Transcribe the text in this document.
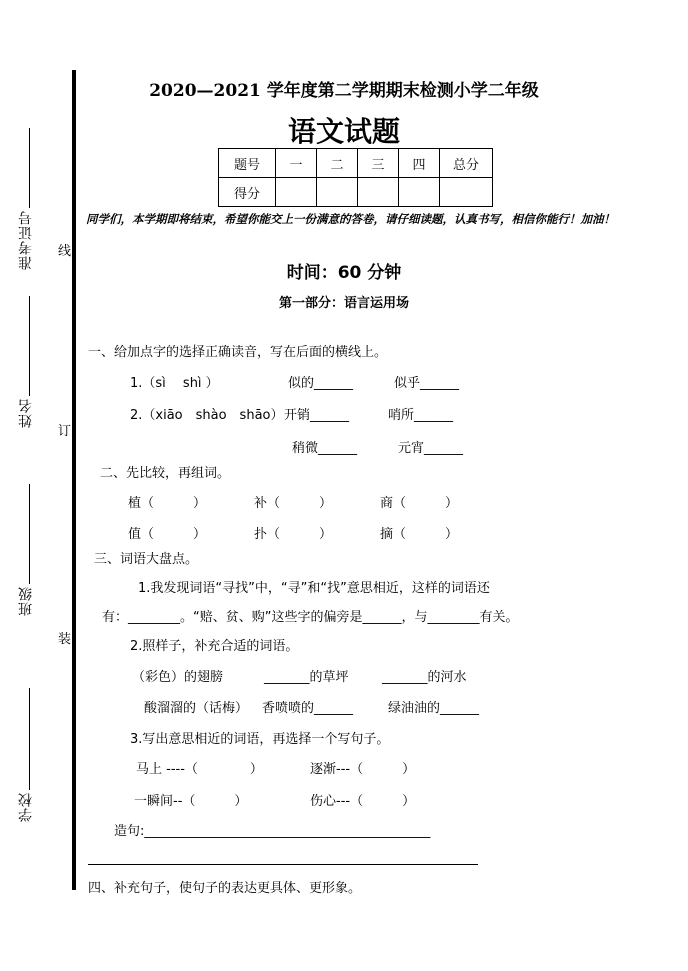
准考证号
姓名
班级
学校
线
订
装
2020—2021 学年度第二学期期末检测小学二年级
语文试题
题号	一	二	三	四	总分
得分					
同学们，本学期即将结束，希望你能交上一份满意的答卷，请仔细读题，认真书写，相信你能行！加油！
时间：60 分钟
第一部分：语言运用场
一、给加点字的选择正确读音，写在后面的横线上。
1.（sì　 shì ）	似的______	似乎______
2.（xiāo　shào　shāo） 开销______	哨所______
稍微______	元宵______
二、先比较，再组词。
植（　　　）	补（　　　）	商（　　　）
值（　　　）	扑（　　　）	摘（　　　）
三、词语大盘点。
1.我发现词语“寻找”中，“寻”和“找”意思相近，这样的词语还
有：________。“赔、贫、购”这些字的偏旁是______，与________有关。
2.照样子，补充合适的词语。
（彩色）的翅膀	_______的草坪	_______的河水
酸溜溜的（话梅） 香喷喷的______	绿油油的______
3.写出意思相近的词语，再选择一个写句子。
马上 ----（　　　　）	逐渐---（　　　）
一瞬间--（　　　）	伤心---（　　　）
造句:____________________________________________
四、补充句子，使句子的表达更具体、更形象。
